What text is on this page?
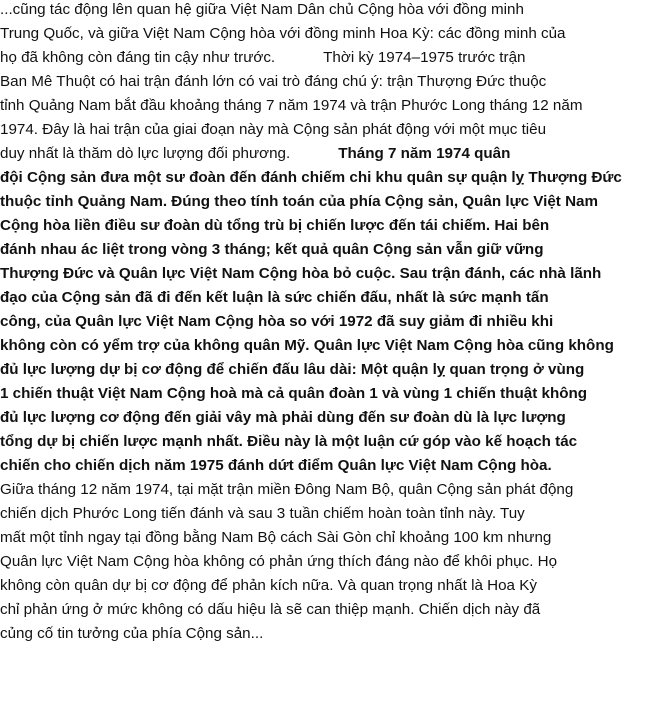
...cũng tác động lên quan hệ giữa Việt Nam Dân chủ Cộng hòa với đồng minh
Trung Quốc, và giữa Việt Nam Cộng hòa với đồng minh Hoa Kỳ: các đồng minh của
họ đã không còn đáng tin cậy như trước.	Thời kỳ 1974–1975 trước trận
Ban Mê Thuột có hai trận đánh lớn có vai trò đáng chú ý: trận Thượng Đức thuộc
tỉnh Quảng Nam bắt đầu khoảng tháng 7 năm 1974 và trận Phước Long tháng 12 năm
1974. Đây là hai trận của giai đoạn này mà Cộng sản phát động với một mục tiêu
duy nhất là thăm dò lực lượng đối phương.	Tháng 7 năm 1974 quân
đội Cộng sản đưa một sư đoàn đến đánh chiếm chi khu quân sự quận lỵ Thượng Đức
thuộc tỉnh Quảng Nam. Đúng theo tính toán của phía Cộng sản, Quân lực Việt Nam
Cộng hòa liền điều sư đoàn dù tổng trù bị chiến lược đến tái chiếm. Hai bên
đánh nhau ác liệt trong vòng 3 tháng; kết quả quân Cộng sản vẫn giữ vững
Thượng Đức và Quân lực Việt Nam Cộng hòa bỏ cuộc. Sau trận đánh, các nhà lãnh
đạo của Cộng sản đã đi đến kết luận là sức chiến đấu, nhất là sức mạnh tấn
công, của Quân lực Việt Nam Cộng hòa so với 1972 đã suy giảm đi nhiều khi
không còn có yểm trợ của không quân Mỹ. Quân lực Việt Nam Cộng hòa cũng không
đủ lực lượng dự bị cơ động để chiến đấu lâu dài: Một quận lỵ quan trọng ở vùng
1 chiến thuật Việt Nam Cộng hoà mà cả quân đoàn 1 và vùng 1 chiến thuật không
đủ lực lượng cơ động đến giải vây mà phải dùng đến sư đoàn dù là lực lượng
tổng dự bị chiến lược mạnh nhất. Điều này là một luận cứ góp vào kế hoạch tác
chiến cho chiến dịch năm 1975 đánh dứt điểm Quân lực Việt Nam Cộng hòa.
Giữa tháng 12 năm 1974, tại mặt trận miền Đông Nam Bộ, quân Cộng sản phát động
chiến dịch Phước Long tiến đánh và sau 3 tuần chiếm hoàn toàn tỉnh này. Tuy
mất một tỉnh ngay tại đồng bằng Nam Bộ cách Sài Gòn chỉ khoảng 100 km nhưng
Quân lực Việt Nam Cộng hòa không có phản ứng thích đáng nào để khôi phục. Họ
không còn quân dự bị cơ động để phản kích nữa. Và quan trọng nhất là Hoa Kỳ
chỉ phản ứng ở mức không có dấu hiệu là sẽ can thiệp mạnh. Chiến dịch này đã
củng cố tin tưởng của phía Cộng sản...
